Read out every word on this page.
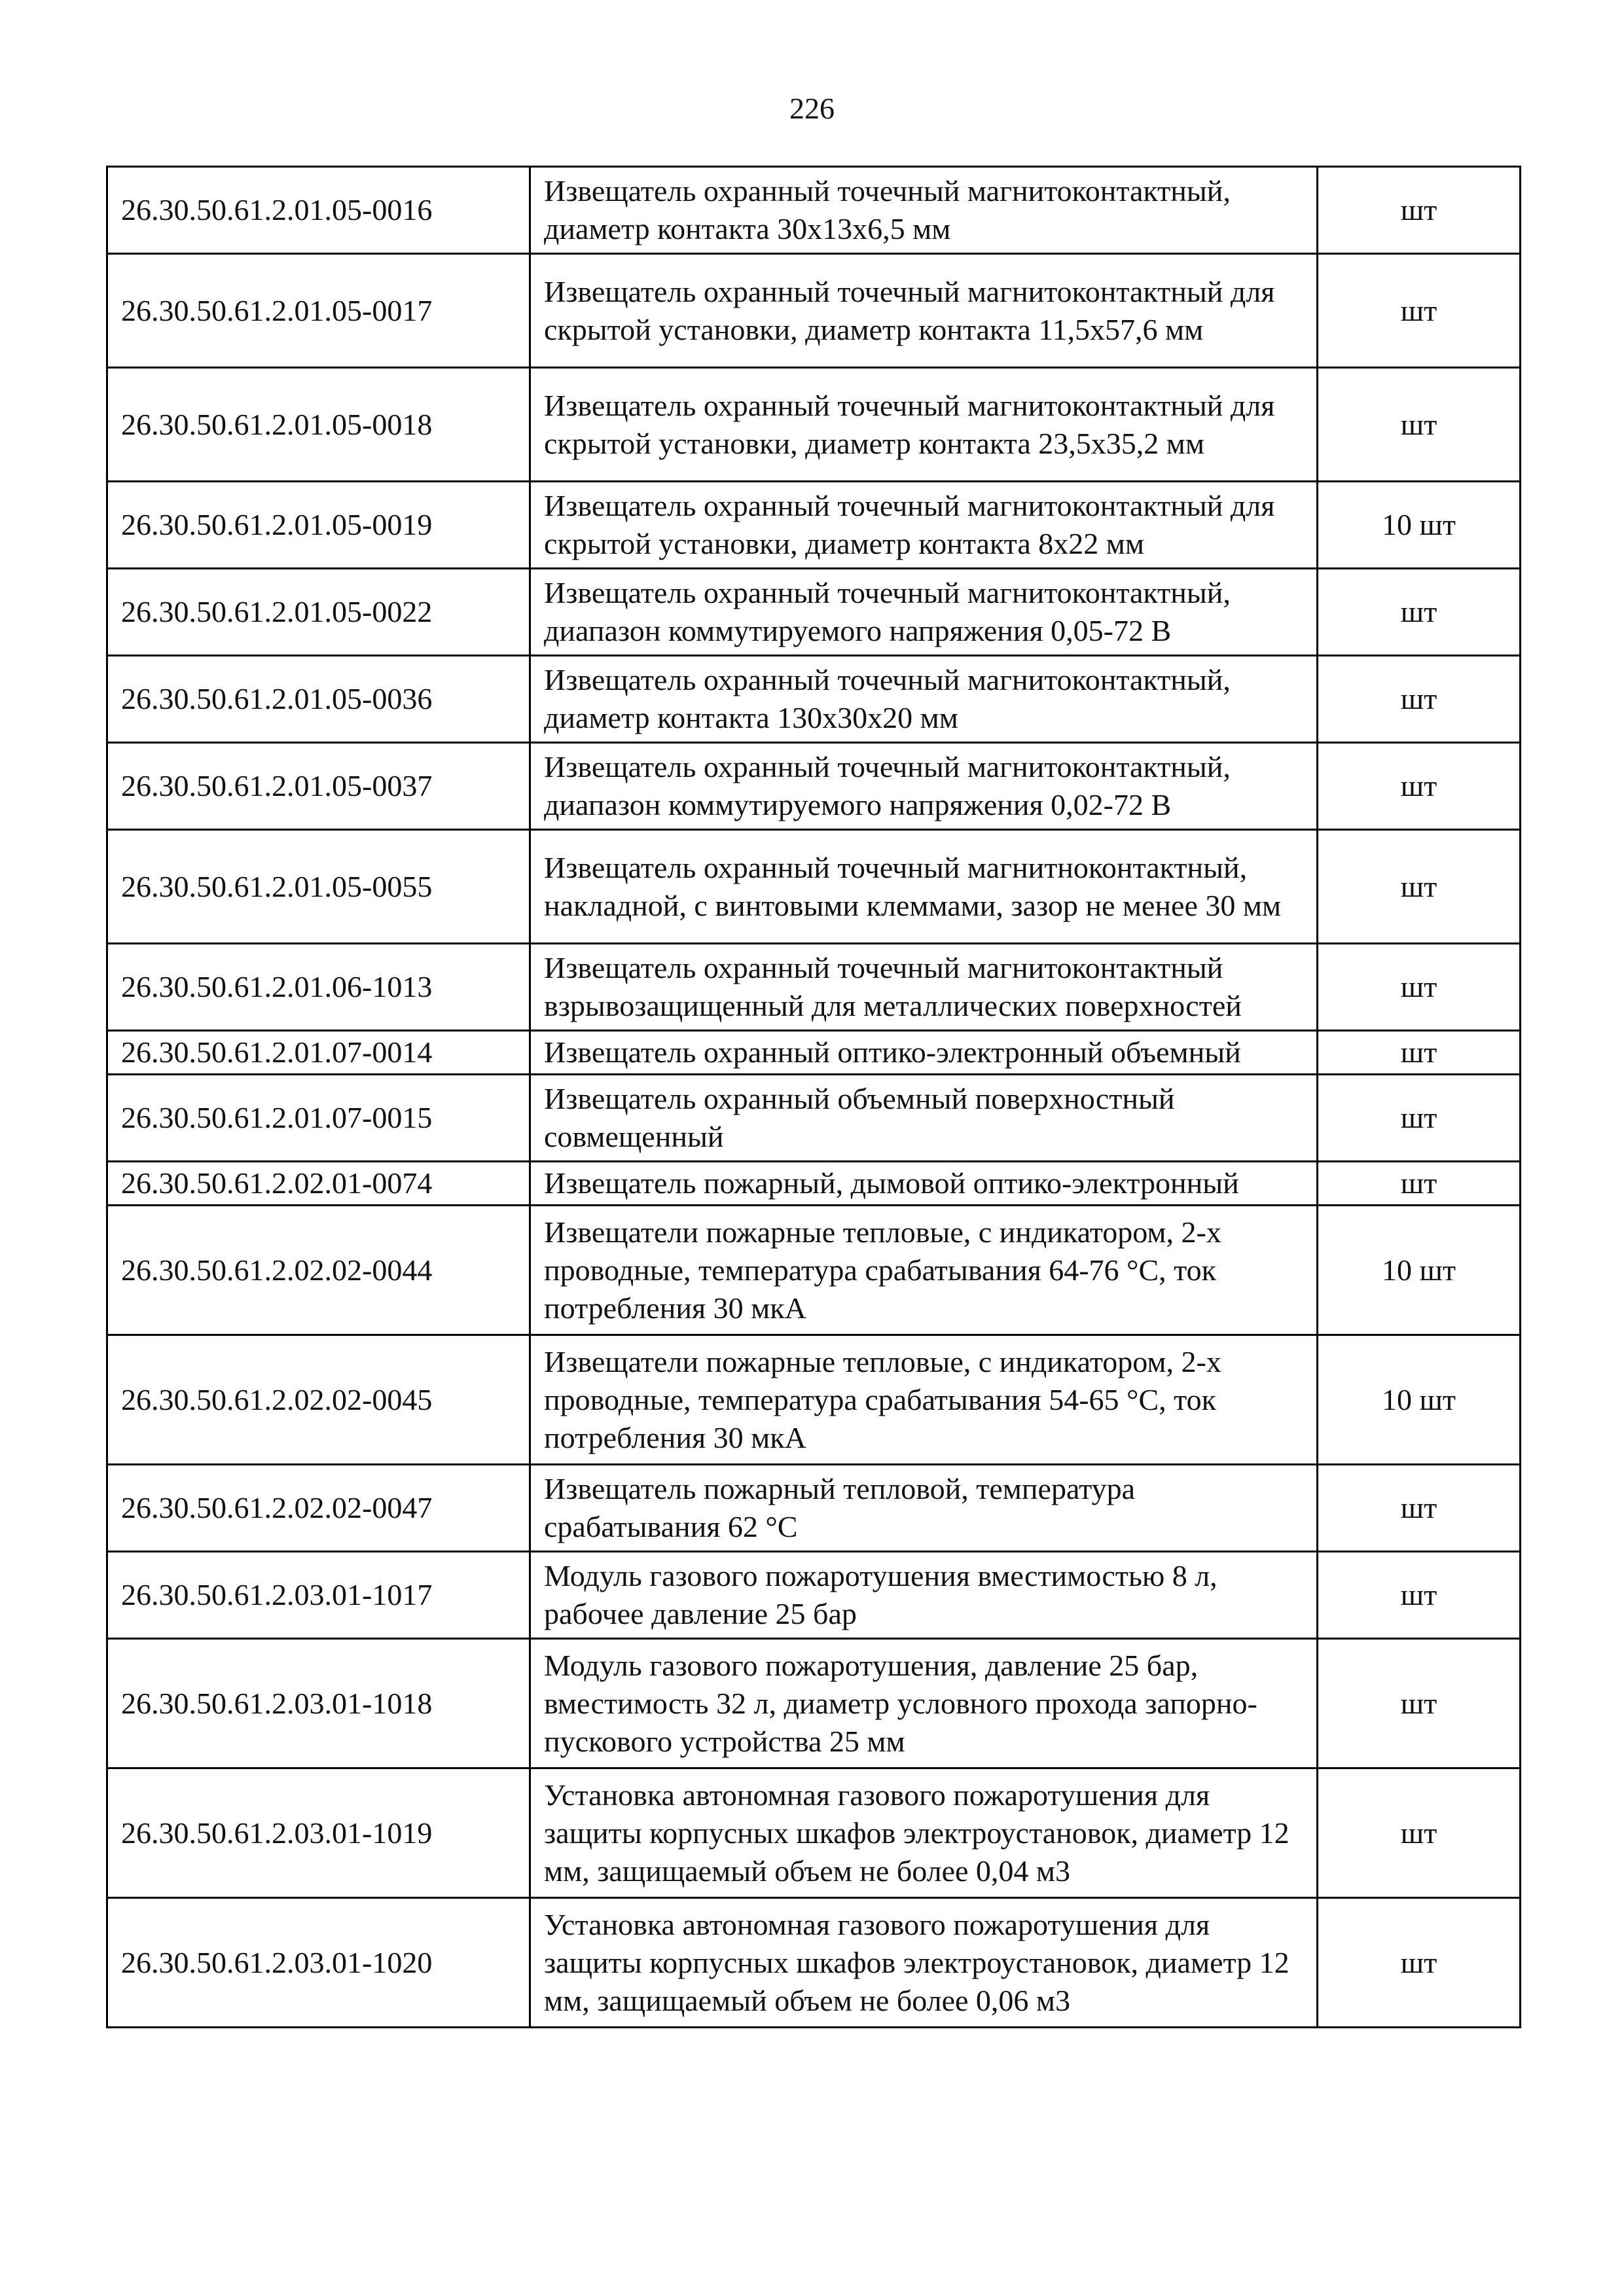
226
26.30.50.61.2.01.05-0016	Извещатель охранный точечный магнитоконтактный, диаметр контакта 30x13x6,5 мм	шт
26.30.50.61.2.01.05-0017	Извещатель охранный точечный магнитоконтактный для скрытой установки, диаметр контакта 11,5x57,6 мм	шт
26.30.50.61.2.01.05-0018	Извещатель охранный точечный магнитоконтактный для скрытой установки, диаметр контакта 23,5x35,2 мм	шт
26.30.50.61.2.01.05-0019	Извещатель охранный точечный магнитоконтактный для скрытой установки, диаметр контакта 8x22 мм	10 шт
26.30.50.61.2.01.05-0022	Извещатель охранный точечный магнитоконтактный, диапазон коммутируемого напряжения 0,05-72 В	шт
26.30.50.61.2.01.05-0036	Извещатель охранный точечный магнитоконтактный, диаметр контакта 130x30x20 мм	шт
26.30.50.61.2.01.05-0037	Извещатель охранный точечный магнитоконтактный, диапазон коммутируемого напряжения 0,02-72 В	шт
26.30.50.61.2.01.05-0055	Извещатель охранный точечный магнитноконтактный, накладной, с винтовыми клеммами, зазор не менее 30 мм	шт
26.30.50.61.2.01.06-1013	Извещатель охранный точечный магнитоконтактный взрывозащищенный для металлических поверхностей	шт
26.30.50.61.2.01.07-0014	Извещатель охранный оптико-электронный объемный	шт
26.30.50.61.2.01.07-0015	Извещатель охранный объемный поверхностный совмещенный	шт
26.30.50.61.2.02.01-0074	Извещатель пожарный, дымовой оптико-электронный	шт
26.30.50.61.2.02.02-0044	Извещатели пожарные тепловые, с индикатором, 2-х проводные, температура срабатывания 64-76 °С, ток потребления 30 мкА	10 шт
26.30.50.61.2.02.02-0045	Извещатели пожарные тепловые, с индикатором, 2-х проводные, температура срабатывания 54-65 °С, ток потребления 30 мкА	10 шт
26.30.50.61.2.02.02-0047	Извещатель пожарный тепловой, температура срабатывания 62 °С	шт
26.30.50.61.2.03.01-1017	Модуль газового пожаротушения вместимостью 8 л, рабочее давление 25 бар	шт
26.30.50.61.2.03.01-1018	Модуль газового пожаротушения, давление 25 бар, вместимость 32 л, диаметр условного прохода запорно-пускового устройства 25 мм	шт
26.30.50.61.2.03.01-1019	Установка автономная газового пожаротушения для защиты корпусных шкафов электроустановок, диаметр 12 мм, защищаемый объем не более 0,04 м3	шт
26.30.50.61.2.03.01-1020	Установка автономная газового пожаротушения для защиты корпусных шкафов электроустановок, диаметр 12 мм, защищаемый объем не более 0,06 м3	шт
